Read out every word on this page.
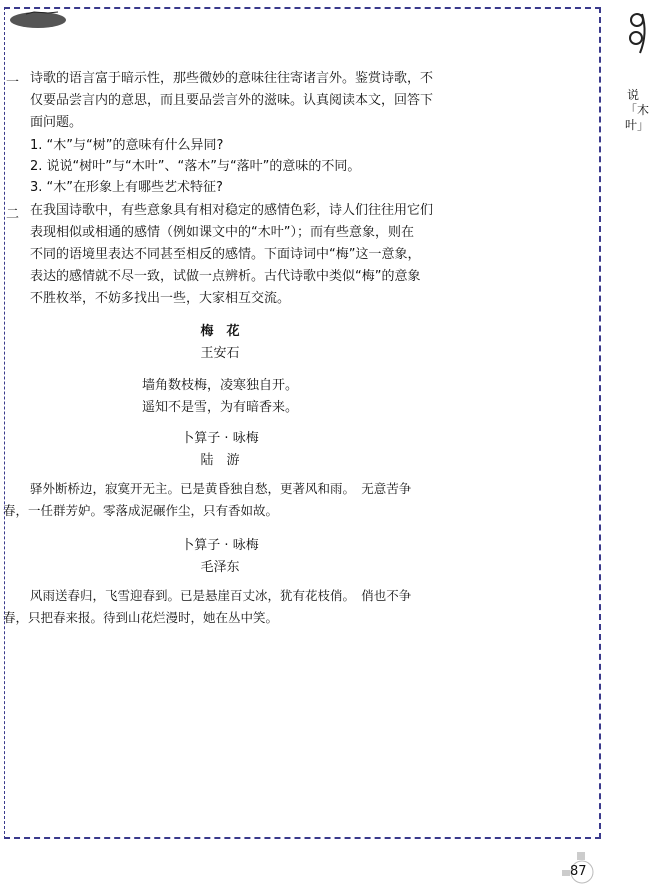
说「木叶」
一 诗歌的语言富于暗示性，那些微妙的意味往往寄诸言外。鉴赏诗歌，不
仅要品尝言内的意思，而且要品尝言外的滋味。认真阅读本文，回答下
面问题。
1. “木”与“树”的意味有什么异同?
2. 说说“树叶”与“木叶”、“落木”与“落叶”的意味的不同。
3. “木”在形象上有哪些艺术特征?
二 在我国诗歌中，有些意象具有相对稳定的感情色彩，诗人们往往用它们
表现相似或相通的感情（例如课文中的“木叶”）；而有些意象，则在
不同的语境里表达不同甚至相反的感情。下面诗词中“梅”这一意象，
表达的感情就不尽一致，试做一点辨析。古代诗歌中类似“梅”的意象
不胜枚举，不妨多找出一些，大家相互交流。
梅　花
王安石
墙角数枝梅，凌寒独自开。
遥知不是雪，为有暗香来。
卜算子 · 咏梅
陆　游
驿外断桥边，寂寞开无主。已是黄昏独自愁，更著风和雨。　无意苦争
春，一任群芳妒。零落成泥碾作尘，只有香如故。
卜算子 · 咏梅
毛泽东
风雨送春归，飞雪迎春到。已是悬崖百丈冰，犹有花枝俏。　俏也不争
春，只把春来报。待到山花烂漫时，她在丛中笑。
87
